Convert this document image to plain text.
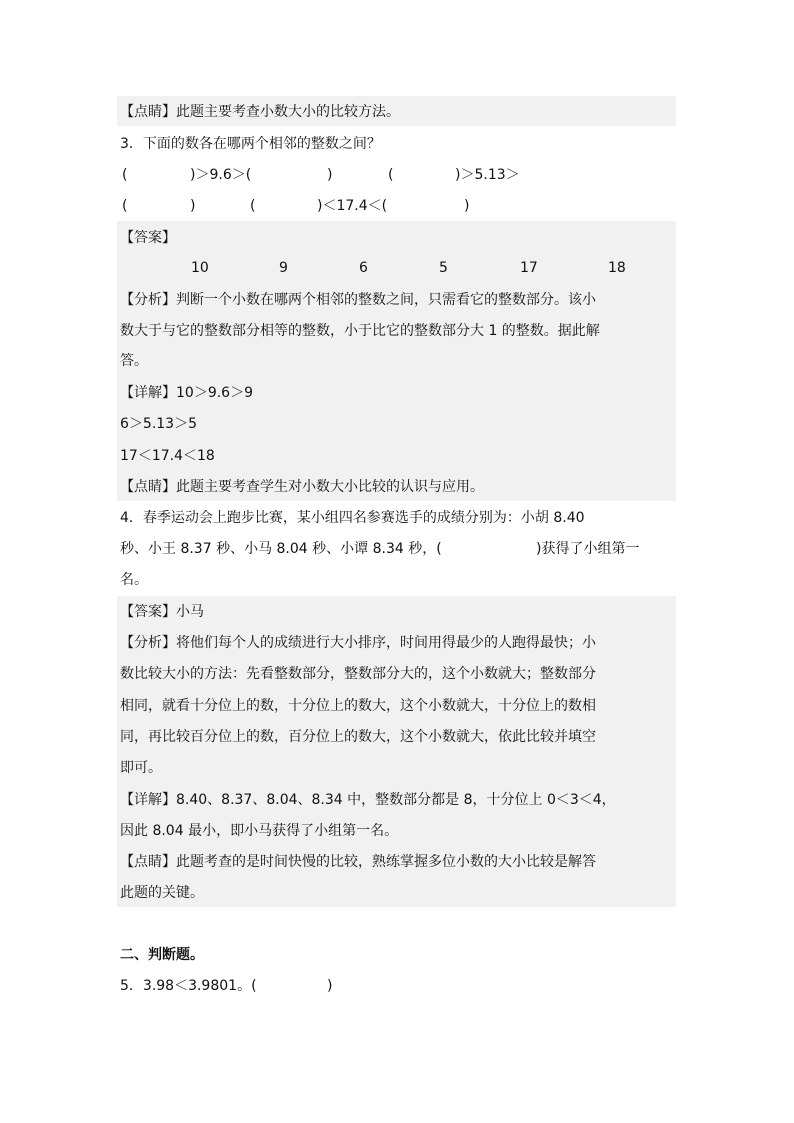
【点睛】此题主要考查小数大小的比较方法。
3．下面的数各在哪两个相邻的整数之间？
(	)＞9.6＞(	)	(	)＞5.13＞
(	)	(	)＜17.4＜(	)
【答案】
10	9	6	5	17	18
【分析】判断一个小数在哪两个相邻的整数之间，只需看它的整数部分。该小
数大于与它的整数部分相等的整数，小于比它的整数部分大 1 的整数。据此解
答。
【详解】10＞9.6＞9
6＞5.13＞5
17＜17.4＜18
【点睛】此题主要考查学生对小数大小比较的认识与应用。
4．春季运动会上跑步比赛，某小组四名参赛选手的成绩分别为：小胡 8.40
秒、小王 8.37 秒、小马 8.04 秒、小谭 8.34 秒，(	)获得了小组第一
名。
【答案】小马
【分析】将他们每个人的成绩进行大小排序，时间用得最少的人跑得最快；小
数比较大小的方法：先看整数部分，整数部分大的，这个小数就大；整数部分
相同，就看十分位上的数，十分位上的数大，这个小数就大，十分位上的数相
同，再比较百分位上的数，百分位上的数大，这个小数就大，依此比较并填空
即可。
【详解】8.40、8.37、8.04、8.34 中，整数部分都是 8，十分位上 0＜3＜4，
因此 8.04 最小，即小马获得了小组第一名。
【点睛】此题考查的是时间快慢的比较，熟练掌握多位小数的大小比较是解答
此题的关键。
二、判断题。
5．3.98＜3.9801。(	)
